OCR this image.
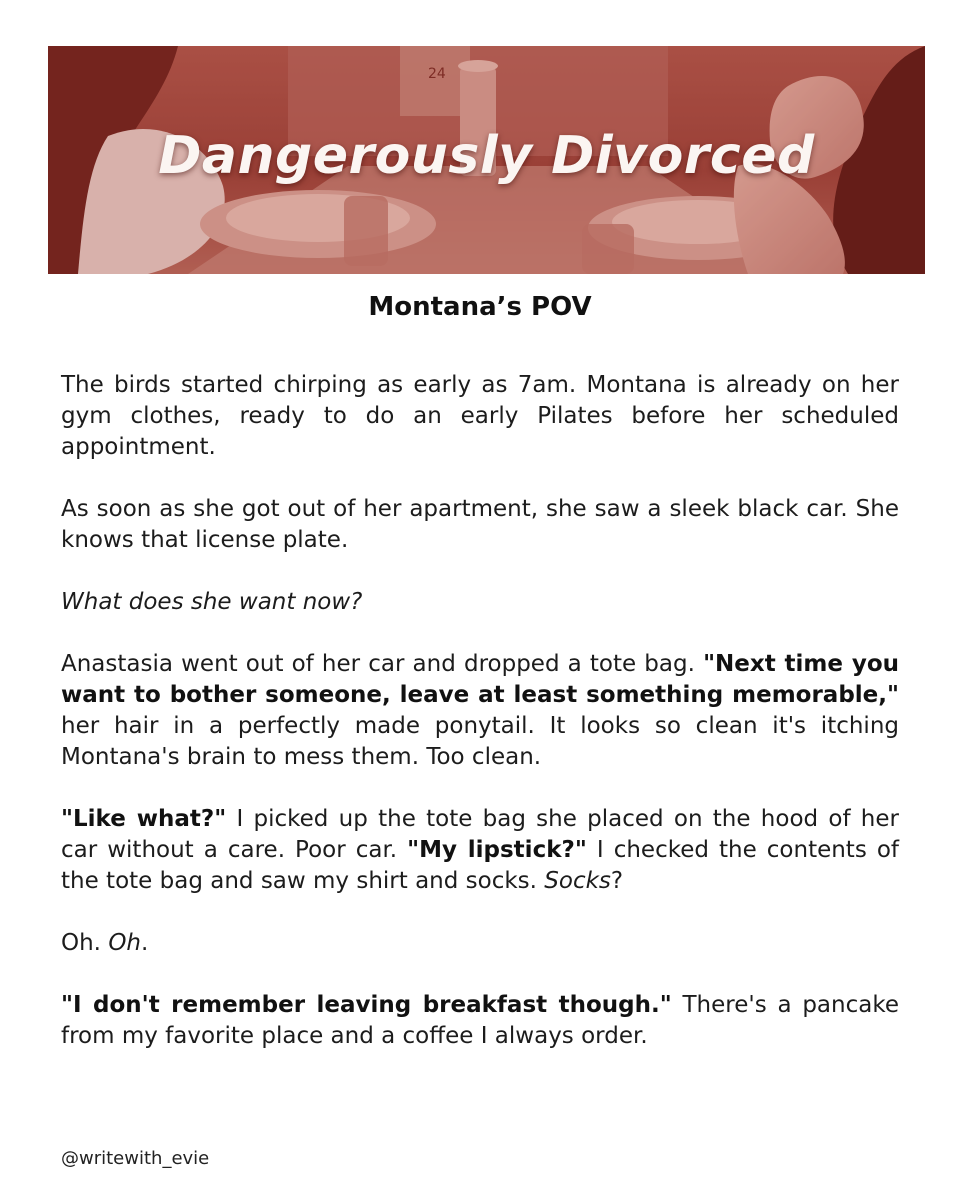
24
Dangerously Divorced
Montana’s POV

The birds started chirping as early as 7am. Montana is already on her gym clothes, ready to do an early Pilates before her scheduled appointment.

As soon as she got out of her apartment, she saw a sleek black car. She knows that license plate.

What does she want now?

Anastasia went out of her car and dropped a tote bag. "Next time you want to bother someone, leave at least something memorable," her hair in a perfectly made ponytail. It looks so clean it's itching Montana's brain to mess them. Too clean.

"Like what?" I picked up the tote bag she placed on the hood of her car without a care. Poor car. "My lipstick?" I checked the contents of the tote bag and saw my shirt and socks. Socks?

Oh. Oh.

"I don't remember leaving breakfast though." There's a pancake from my favorite place and a coffee I always order.

@writewith_evie
